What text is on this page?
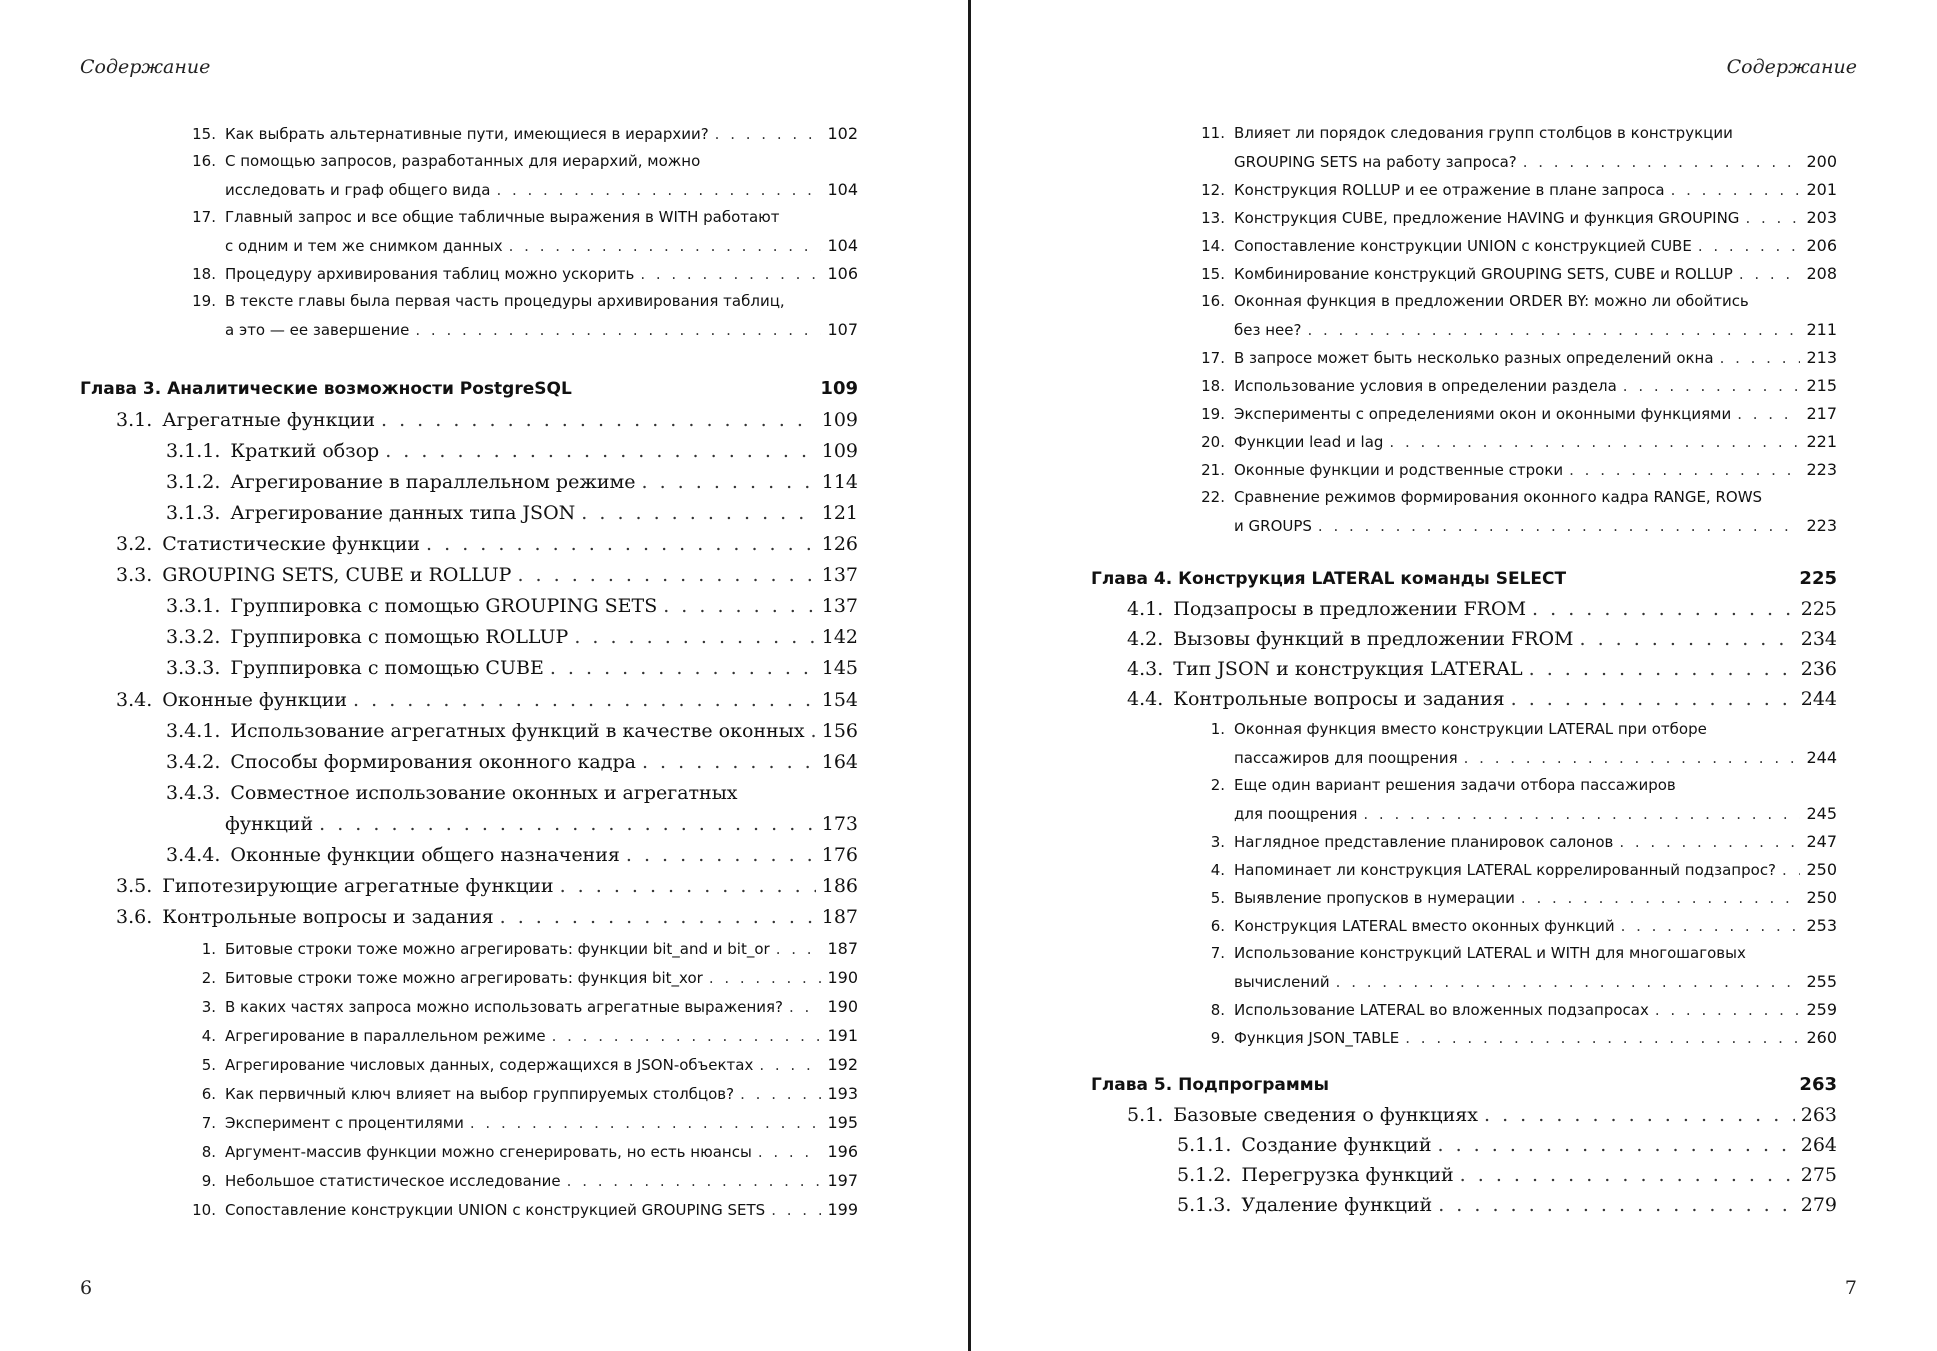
Содержание
15. Как выбрать альтернативные пути, имеющиеся в иерархии? . . .	102
16. С помощью запросов, разработанных для иерархий, можно
исследовать и граф общего вида . . .	104
17. Главный запрос и все общие табличные выражения в WITH работают
с одним и тем же снимком данных . . .	104
18. Процедуру архивирования таблиц можно ускорить . . .	106
19. В тексте главы была первая часть процедуры архивирования таблиц,
а это — ее завершение . . .	107
Глава 3. Аналитические возможности PostgreSQL	109
3.1. Агрегатные функции . . .	109
3.1.1. Краткий обзор . . .	109
3.1.2. Агрегирование в параллельном режиме . . .	114
3.1.3. Агрегирование данных типа JSON . . .	121
3.2. Статистические функции . . .	126
3.3. GROUPING SETS, CUBE и ROLLUP . . .	137
3.3.1. Группировка с помощью GROUPING SETS . . .	137
3.3.2. Группировка с помощью ROLLUP . . .	142
3.3.3. Группировка с помощью CUBE . . .	145
3.4. Оконные функции . . .	154
3.4.1. Использование агрегатных функций в качестве оконных . . . 156
3.4.2. Способы формирования оконного кадра . . .	164
3.4.3. Совместное использование оконных и агрегатных
функций . . .	173
3.4.4. Оконные функции общего назначения . . .	176
3.5. Гипотезирующие агрегатные функции . . .	186
3.6. Контрольные вопросы и задания . . .	187
1. Битовые строки тоже можно агрегировать: функции bit_and и bit_or . . .	187
2. Битовые строки тоже можно агрегировать: функция bit_xor . . .	190
3. В каких частях запроса можно использовать агрегатные выражения? . . .	190
4. Агрегирование в параллельном режиме . . .	191
5. Агрегирование числовых данных, содержащихся в JSON-объектах . . .	192
6. Как первичный ключ влияет на выбор группируемых столбцов? . . .	193
7. Эксперимент с процентилями . . .	195
8. Аргумент-массив функции можно сгенерировать, но есть нюансы . . .	196
9. Небольшое статистическое исследование . . .	197
10. Сопоставление конструкции UNION с конструкцией GROUPING SETS . . .	199
6
Содержание
11. Влияет ли порядок следования групп столбцов в конструкции
GROUPING SETS на работу запроса? . . .	200
12. Конструкция ROLLUP и ее отражение в плане запроса . . .	201
13. Конструкция CUBE, предложение HAVING и функция GROUPING . . .	203
14. Сопоставление конструкции UNION с конструкцией CUBE . . .	206
15. Комбинирование конструкций GROUPING SETS, CUBE и ROLLUP . . .	208
16. Оконная функция в предложении ORDER BY: можно ли обойтись
без нее? . . .	211
17. В запросе может быть несколько разных определений окна . . .	213
18. Использование условия в определении раздела . . .	215
19. Эксперименты с определениями окон и оконными функциями . . .	217
20. Функции lead и lag . . .	221
21. Оконные функции и родственные строки . . .	223
22. Сравнение режимов формирования оконного кадра RANGE, ROWS
и GROUPS . . .	223
Глава 4. Конструкция LATERAL команды SELECT	225
4.1. Подзапросы в предложении FROM . . .	225
4.2. Вызовы функций в предложении FROM . . .	234
4.3. Тип JSON и конструкция LATERAL . . .	236
4.4. Контрольные вопросы и задания . . .	244
1. Оконная функция вместо конструкции LATERAL при отборе
пассажиров для поощрения . . .	244
2. Еще один вариант решения задачи отбора пассажиров
для поощрения . . .	245
3. Наглядное представление планировок салонов . . .	247
4. Напоминает ли конструкция LATERAL коррелированный подзапрос? . . . 250
5. Выявление пропусков в нумерации . . .	250
6. Конструкция LATERAL вместо оконных функций . . .	253
7. Использование конструкций LATERAL и WITH для многошаговых
вычислений . . .	255
8. Использование LATERAL во вложенных подзапросах . . .	259
9. Функция JSON_TABLE . . .	260
Глава 5. Подпрограммы	263
5.1. Базовые сведения о функциях . . .	263
5.1.1. Создание функций . . .	264
5.1.2. Перегрузка функций . . .	275
5.1.3. Удаление функций . . .	279
7
